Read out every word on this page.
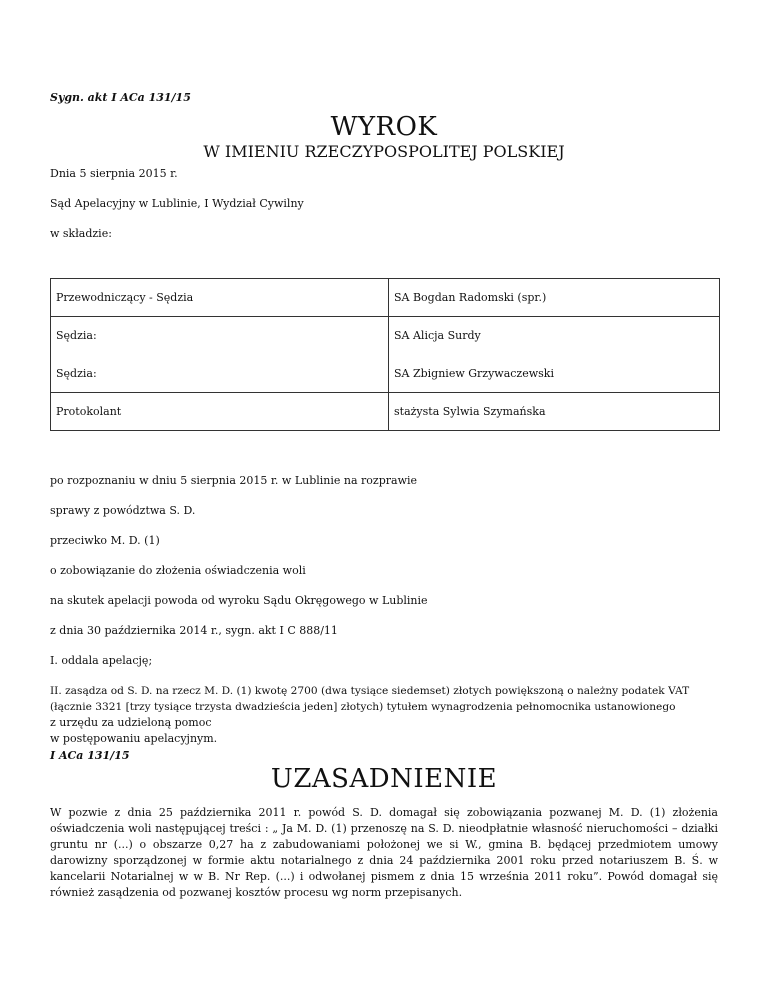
Sygn. akt I ACa 131/15
WYROK
W IMIENIU RZECZYPOSPOLITEJ POLSKIEJ
Dnia 5 sierpnia 2015 r.
Sąd Apelacyjny w Lublinie, I Wydział Cywilny
w składzie:
Przewodniczący - Sędzia	SA Bogdan Radomski (spr.)
Sędzia:	SA Alicja Surdy
Sędzia:	SA Zbigniew Grzywaczewski
Protokolant	stażysta Sylwia Szymańska
po rozpoznaniu w dniu 5 sierpnia 2015 r. w Lublinie na rozprawie
sprawy z powództwa S. D.
przeciwko M. D. (1)
o zobowiązanie do złożenia oświadczenia woli
na skutek apelacji powoda od wyroku Sądu Okręgowego w Lublinie
z dnia 30 października 2014 r., sygn. akt I C 888/11
I. oddala apelację;
II. zasądza od S. D. na rzecz M. D. (1) kwotę 2700 (dwa tysiące siedemset) złotych powiększoną o należny podatek VAT
(łącznie 3321 [trzy tysiące trzysta dwadzieścia jeden] złotych) tytułem wynagrodzenia pełnomocnika ustanowionego
z urzędu za udzieloną pomoc
w postępowaniu apelacyjnym.
I ACa 131/15
UZASADNIENIE
W pozwie z dnia 25 października 2011 r. powód S. D. domagał się zobowiązania pozwanej M. D. (1) złożenia oświadczenia woli następującej treści : „ Ja M. D. (1) przenoszę na S. D. nieodpłatnie własność nieruchomości – działki gruntu nr (...) o obszarze 0,27 ha z zabudowaniami położonej we si W., gmina B. będącej przedmiotem umowy darowizny sporządzonej w formie aktu notarialnego z dnia 24 października 2001 roku przed notariuszem B. Ś. w kancelarii Notarialnej w w B. Nr Rep. (...) i odwołanej pismem z dnia 15 września 2011 roku”. Powód domagał się również zasądzenia od pozwanej kosztów procesu wg norm przepisanych.
